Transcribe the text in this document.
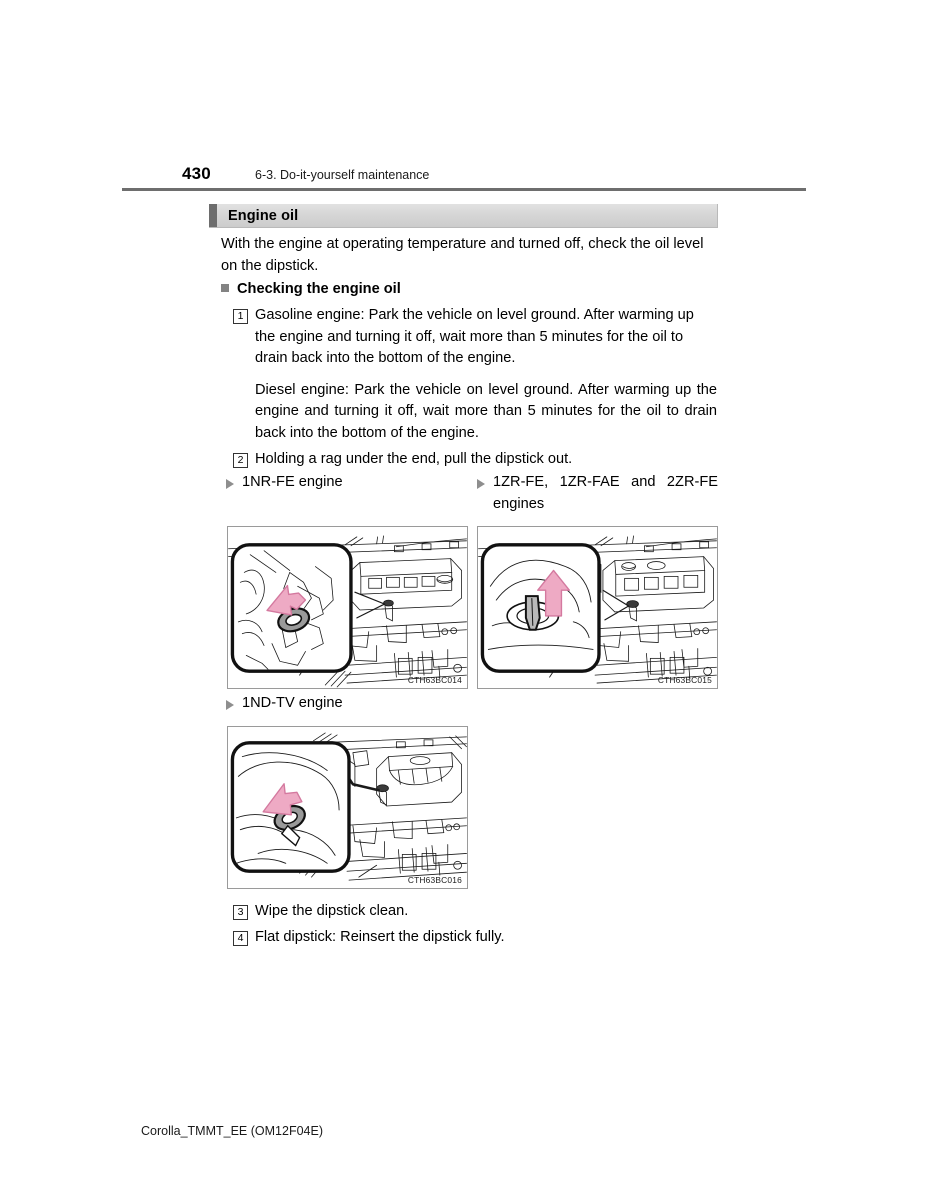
430	6-3. Do-it-yourself maintenance
Engine oil
With the engine at operating temperature and turned off, check the oil level on the dipstick.
Checking the engine oil
1 Gasoline engine: Park the vehicle on level ground. After warming up the engine and turning it off, wait more than 5 minutes for the oil to drain back into the bottom of the engine.
Diesel engine: Park the vehicle on level ground. After warming up the engine and turning it off, wait more than 5 minutes for the oil to drain back into the bottom of the engine.
2 Holding a rag under the end, pull the dipstick out.
1NR-FE engine	1ZR-FE, 1ZR-FAE and 2ZR-FE engines
1ND-TV engine
CTH63BC014	CTH63BC015
CTH63BC016
3 Wipe the dipstick clean.
4 Flat dipstick: Reinsert the dipstick fully.
Corolla_TMMT_EE (OM12F04E)
